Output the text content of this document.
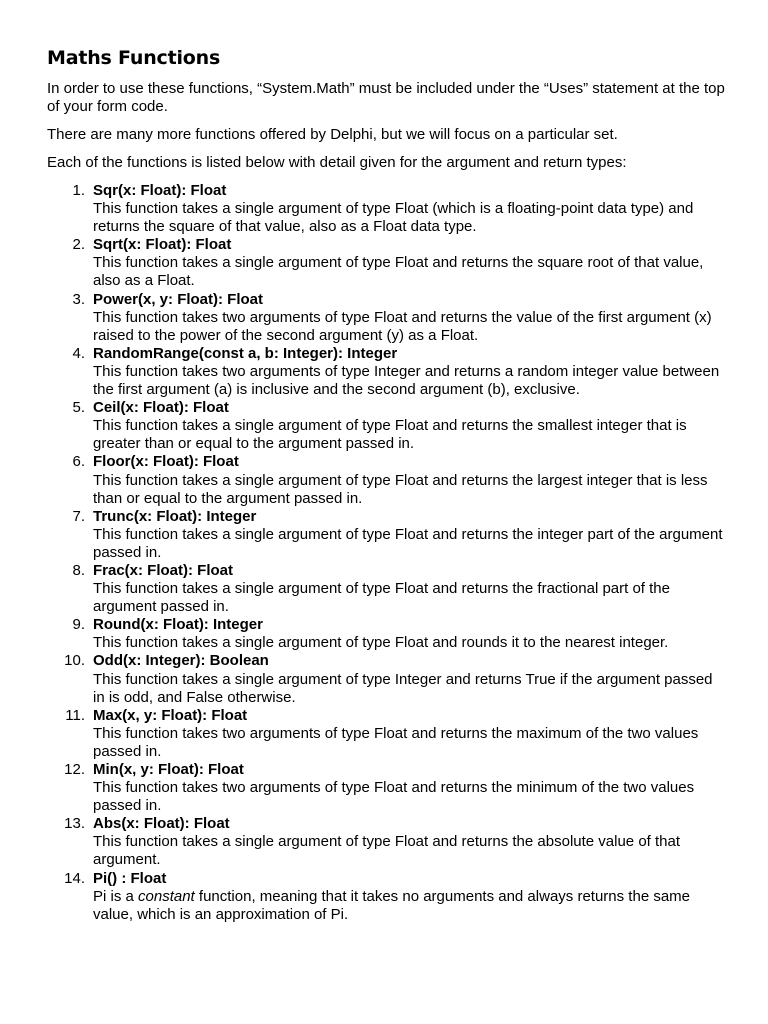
Maths Functions

In order to use these functions, “System.Math” must be included under the “Uses” statement at the top of your form code.

There are many more functions offered by Delphi, but we will focus on a particular set.

Each of the functions is listed below with detail given for the argument and return types:

1. Sqr(x: Float): Float
This function takes a single argument of type Float (which is a floating-point data type) and returns the square of that value, also as a Float data type.
2. Sqrt(x: Float): Float
This function takes a single argument of type Float and returns the square root of that value, also as a Float.
3. Power(x, y: Float): Float
This function takes two arguments of type Float and returns the value of the first argument (x) raised to the power of the second argument (y) as a Float.
4. RandomRange(const a, b: Integer): Integer
This function takes two arguments of type Integer and returns a random integer value between the first argument (a) is inclusive and the second argument (b), exclusive.
5. Ceil(x: Float): Float
This function takes a single argument of type Float and returns the smallest integer that is greater than or equal to the argument passed in.
6. Floor(x: Float): Float
This function takes a single argument of type Float and returns the largest integer that is less than or equal to the argument passed in.
7. Trunc(x: Float): Integer
This function takes a single argument of type Float and returns the integer part of the argument passed in.
8. Frac(x: Float): Float
This function takes a single argument of type Float and returns the fractional part of the argument passed in.
9. Round(x: Float): Integer
This function takes a single argument of type Float and rounds it to the nearest integer.
10. Odd(x: Integer): Boolean
This function takes a single argument of type Integer and returns True if the argument passed in is odd, and False otherwise.
11. Max(x, y: Float): Float
This function takes two arguments of type Float and returns the maximum of the two values passed in.
12. Min(x, y: Float): Float
This function takes two arguments of type Float and returns the minimum of the two values passed in.
13. Abs(x: Float): Float
This function takes a single argument of type Float and returns the absolute value of that argument.
14. Pi() : Float
Pi is a constant function, meaning that it takes no arguments and always returns the same value, which is an approximation of Pi.
